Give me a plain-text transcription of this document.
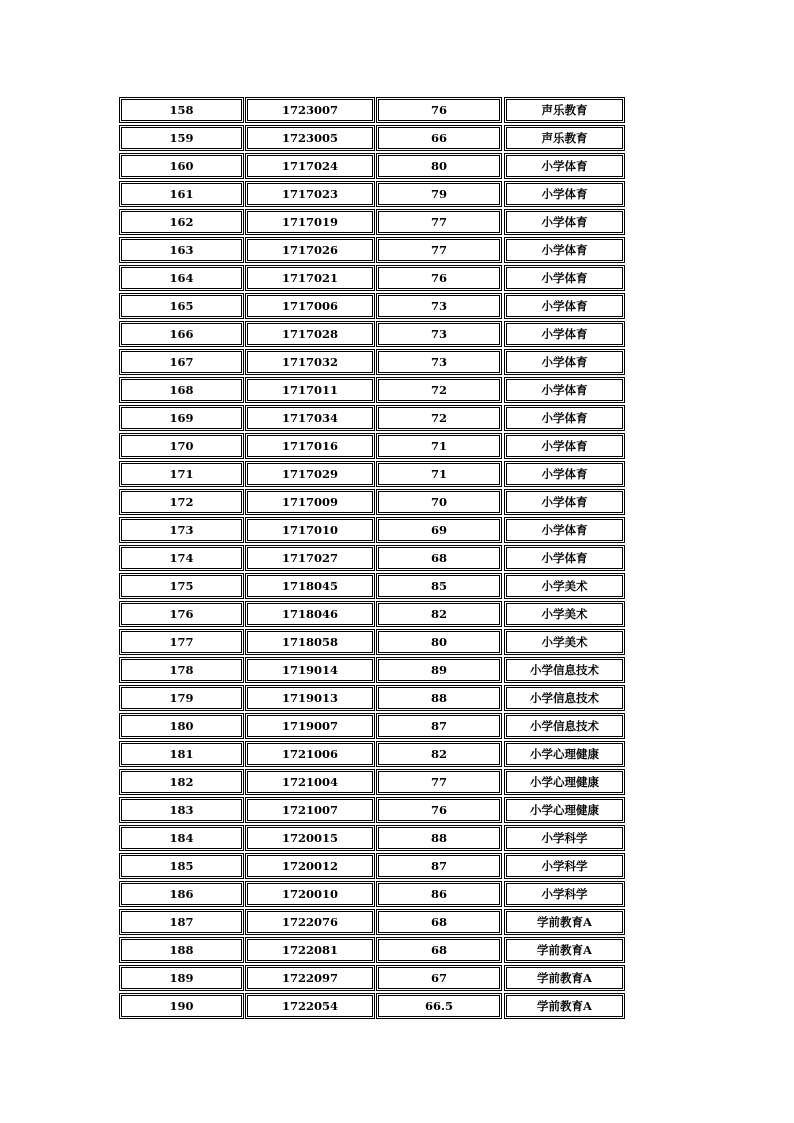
158	1723007	76	声乐教育
159	1723005	66	声乐教育
160	1717024	80	小学体育
161	1717023	79	小学体育
162	1717019	77	小学体育
163	1717026	77	小学体育
164	1717021	76	小学体育
165	1717006	73	小学体育
166	1717028	73	小学体育
167	1717032	73	小学体育
168	1717011	72	小学体育
169	1717034	72	小学体育
170	1717016	71	小学体育
171	1717029	71	小学体育
172	1717009	70	小学体育
173	1717010	69	小学体育
174	1717027	68	小学体育
175	1718045	85	小学美术
176	1718046	82	小学美术
177	1718058	80	小学美术
178	1719014	89	小学信息技术
179	1719013	88	小学信息技术
180	1719007	87	小学信息技术
181	1721006	82	小学心理健康
182	1721004	77	小学心理健康
183	1721007	76	小学心理健康
184	1720015	88	小学科学
185	1720012	87	小学科学
186	1720010	86	小学科学
187	1722076	68	学前教育A
188	1722081	68	学前教育A
189	1722097	67	学前教育A
190	1722054	66.5	学前教育A
